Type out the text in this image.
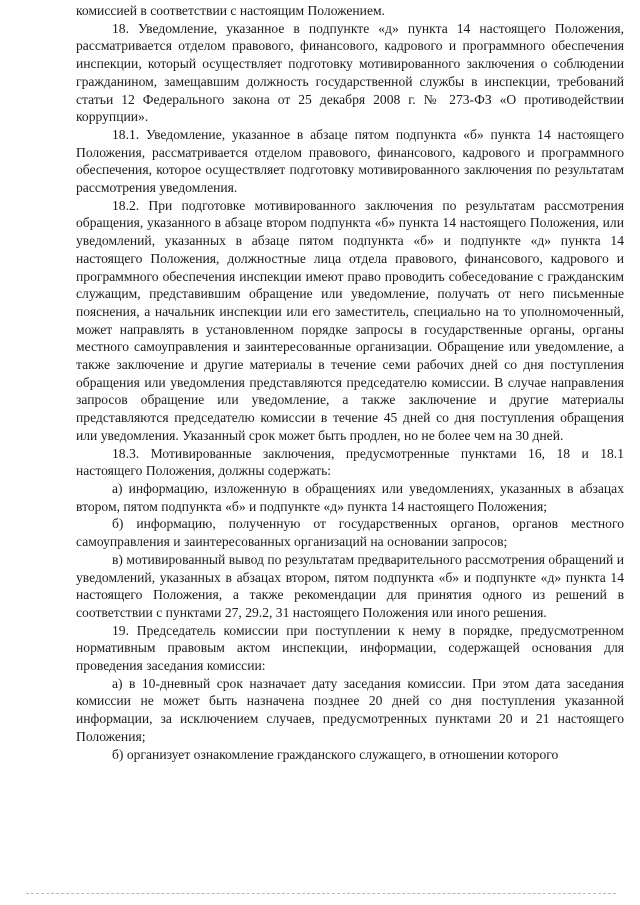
комиссией в соответствии с настоящим Положением.

18. Уведомление, указанное в подпункте «д» пункта 14 настоящего Положения, рассматривается отделом правового, финансового, кадрового и программного обеспечения инспекции, который осуществляет подготовку мотивированного заключения о соблюдении гражданином, замещавшим должность государственной службы в инспекции, требований статьи 12 Федерального закона от 25 декабря 2008 г. № 273-ФЗ «О противодействии коррупции».

18.1. Уведомление, указанное в абзаце пятом подпункта «б» пункта 14 настоящего Положения, рассматривается отделом правового, финансового, кадрового и программного обеспечения, которое осуществляет подготовку мотивированного заключения по результатам рассмотрения уведомления.

18.2. При подготовке мотивированного заключения по результатам рассмотрения обращения, указанного в абзаце втором подпункта «б» пункта 14 настоящего Положения, или уведомлений, указанных в абзаце пятом подпункта «б» и подпункте «д» пункта 14 настоящего Положения, должностные лица отдела правового, финансового, кадрового и программного обеспечения инспекции имеют право проводить собеседование с гражданским служащим, представившим обращение или уведомление, получать от него письменные пояснения, а начальник инспекции или его заместитель, специально на то уполномоченный, может направлять в установленном порядке запросы в государственные органы, органы местного самоуправления и заинтересованные организации. Обращение или уведомление, а также заключение и другие материалы в течение семи рабочих дней со дня поступления обращения или уведомления представляются председателю комиссии. В случае направления запросов обращение или уведомление, а также заключение и другие материалы представляются председателю комиссии в течение 45 дней со дня поступления обращения или уведомления. Указанный срок может быть продлен, но не более чем на 30 дней.

18.3. Мотивированные заключения, предусмотренные пунктами 16, 18 и 18.1 настоящего Положения, должны содержать:

а) информацию, изложенную в обращениях или уведомлениях, указанных в абзацах втором, пятом подпункта «б» и подпункте «д» пункта 14 настоящего Положения;

б) информацию, полученную от государственных органов, органов местного самоуправления и заинтересованных организаций на основании запросов;

в) мотивированный вывод по результатам предварительного рассмотрения обращений и уведомлений, указанных в абзацах втором, пятом подпункта «б» и подпункте «д» пункта 14 настоящего Положения, а также рекомендации для принятия одного из решений в соответствии с пунктами 27, 29.2, 31 настоящего Положения или иного решения.

19. Председатель комиссии при поступлении к нему в порядке, предусмотренном нормативным правовым актом инспекции, информации, содержащей основания для проведения заседания комиссии:

а) в 10-дневный срок назначает дату заседания комиссии. При этом дата заседания комиссии не может быть назначена позднее 20 дней со дня поступления указанной информации, за исключением случаев, предусмотренных пунктами 20 и 21 настоящего Положения;

б) организует ознакомление гражданского служащего, в отношении которого
